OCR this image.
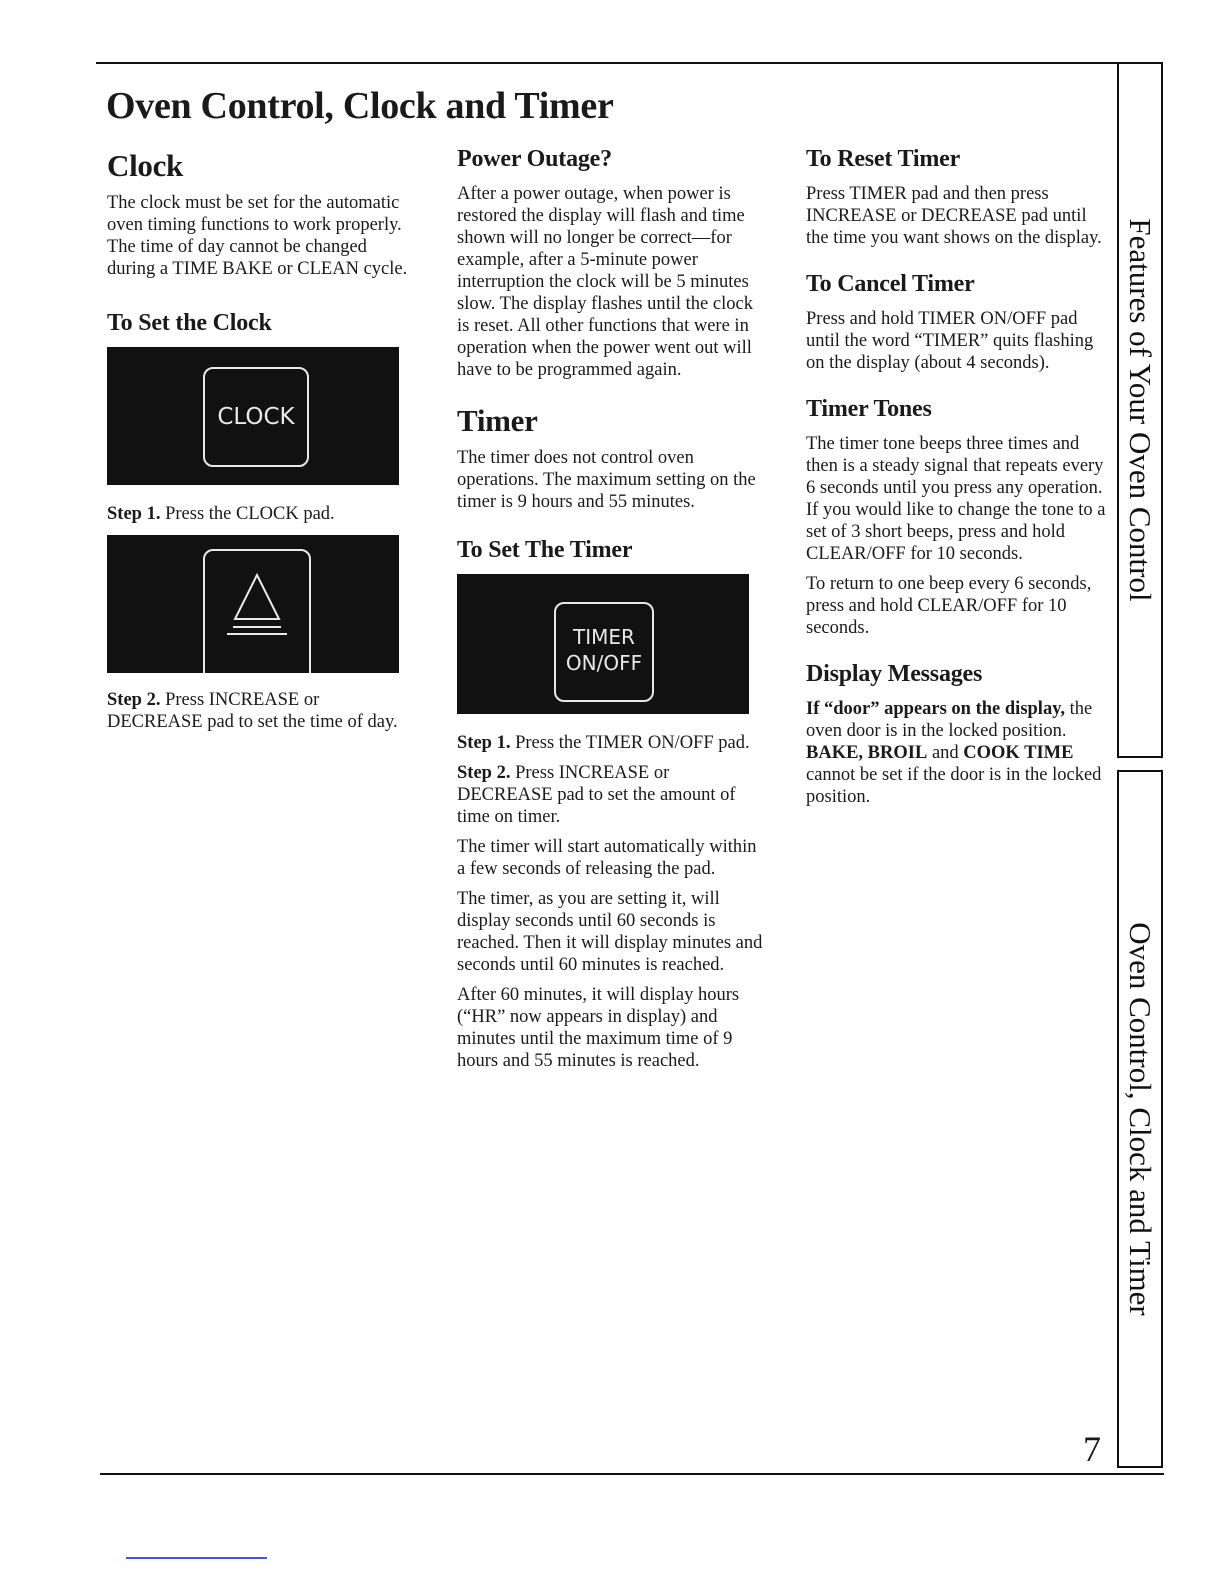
Oven Control, Clock and Timer
Clock

The clock must be set for the automatic oven timing functions to work properly. The time of day cannot be changed during a TIME BAKE or CLEAN cycle.

To Set the Clock
CLOCK

Step 1. Press the CLOCK pad.

Step 2. Press INCREASE or DECREASE pad to set the time of day.

Power Outage?

After a power outage, when power is restored the display will flash and time shown will no longer be correct—for example, after a 5-minute power interruption the clock will be 5 minutes slow. The display flashes until the clock is reset. All other functions that were in operation when the power went out will have to be programmed again.

Timer

The timer does not control oven operations. The maximum setting on the timer is 9 hours and 55 minutes.

To Set The Timer
TIMER
ON/OFF

Step 1. Press the TIMER ON/OFF pad.

Step 2. Press INCREASE or DECREASE pad to set the amount of time on timer.

The timer will start automatically within a few seconds of releasing the pad.

The timer, as you are setting it, will display seconds until 60 seconds is reached. Then it will display minutes and seconds until 60 minutes is reached.

After 60 minutes, it will display hours (“HR” now appears in display) and minutes until the maximum time of 9 hours and 55 minutes is reached.

To Reset Timer

Press TIMER pad and then press INCREASE or DECREASE pad until the time you want shows on the display.

To Cancel Timer

Press and hold TIMER ON/OFF pad until the word “TIMER” quits flashing on the display (about 4 seconds).

Timer Tones

The timer tone beeps three times and then is a steady signal that repeats every 6 seconds until you press any operation. If you would like to change the tone to a set of 3 short beeps, press and hold CLEAR/OFF for 10 seconds.

To return to one beep every 6 seconds, press and hold CLEAR/OFF for 10 seconds.

Display Messages

If “door” appears on the display, the oven door is in the locked position. BAKE, BROIL and COOK TIME cannot be set if the door is in the locked position.

Features of Your Oven Control
Oven Control, Clock and Timer
7
